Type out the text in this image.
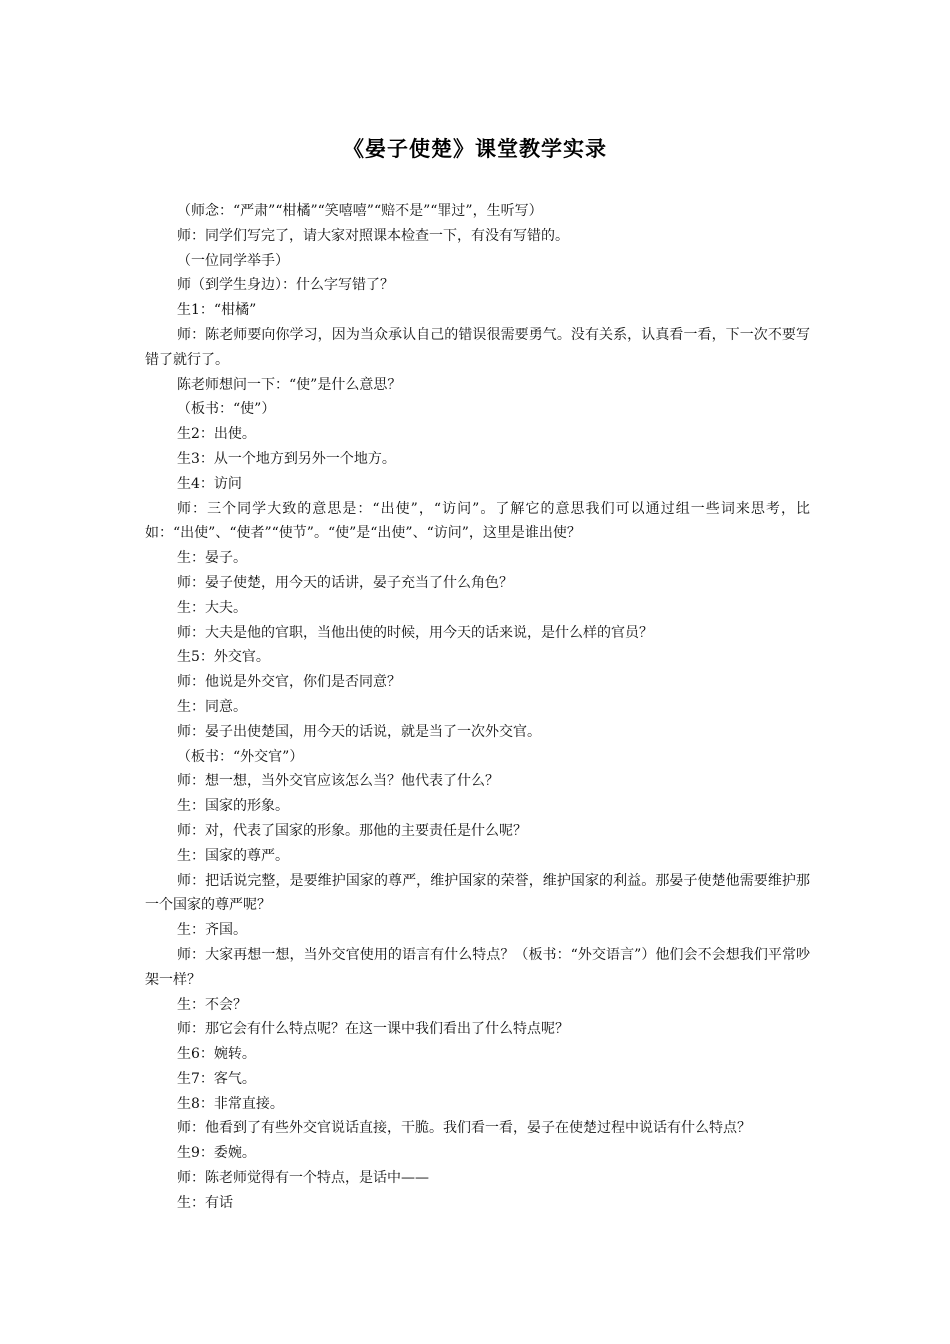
《晏子使楚》课堂教学实录

（师念：“严肃”“柑橘”“笑嘻嘻”“赔不是”“罪过”，生听写）

师：同学们写完了，请大家对照课本检查一下，有没有写错的。

（一位同学举手）

师（到学生身边）：什么字写错了？

生1：“柑橘”

师：陈老师要向你学习，因为当众承认自己的错误很需要勇气。没有关系，认真看一看，下一次不要写错了就行了。

陈老师想问一下：“使”是什么意思？

（板书：“使”）

生2：出使。

生3：从一个地方到另外一个地方。

生4：访问

师：三个同学大致的意思是：“出使”，“访问”。了解它的意思我们可以通过组一些词来思考，比如：“出使”、“使者”“使节”。“使”是“出使”、“访问”，这里是谁出使？

生：晏子。

师：晏子使楚，用今天的话讲，晏子充当了什么角色？

生：大夫。

师：大夫是他的官职，当他出使的时候，用今天的话来说，是什么样的官员？

生5：外交官。

师：他说是外交官，你们是否同意？

生：同意。

师：晏子出使楚国，用今天的话说，就是当了一次外交官。

（板书：“外交官”）

师：想一想，当外交官应该怎么当？他代表了什么？

生：国家的形象。

师：对，代表了国家的形象。那他的主要责任是什么呢？

生：国家的尊严。

师：把话说完整，是要维护国家的尊严，维护国家的荣誉，维护国家的利益。那晏子使楚他需要维护那一个国家的尊严呢？

生：齐国。

师：大家再想一想，当外交官使用的语言有什么特点？（板书：“外交语言”）他们会不会想我们平常吵架一样？

生：不会？

师：那它会有什么特点呢？在这一课中我们看出了什么特点呢？

生6：婉转。

生7：客气。

生8：非常直接。

师：他看到了有些外交官说话直接，干脆。我们看一看，晏子在使楚过程中说话有什么特点？

生9：委婉。

师：陈老师觉得有一个特点，是话中——

生：有话
